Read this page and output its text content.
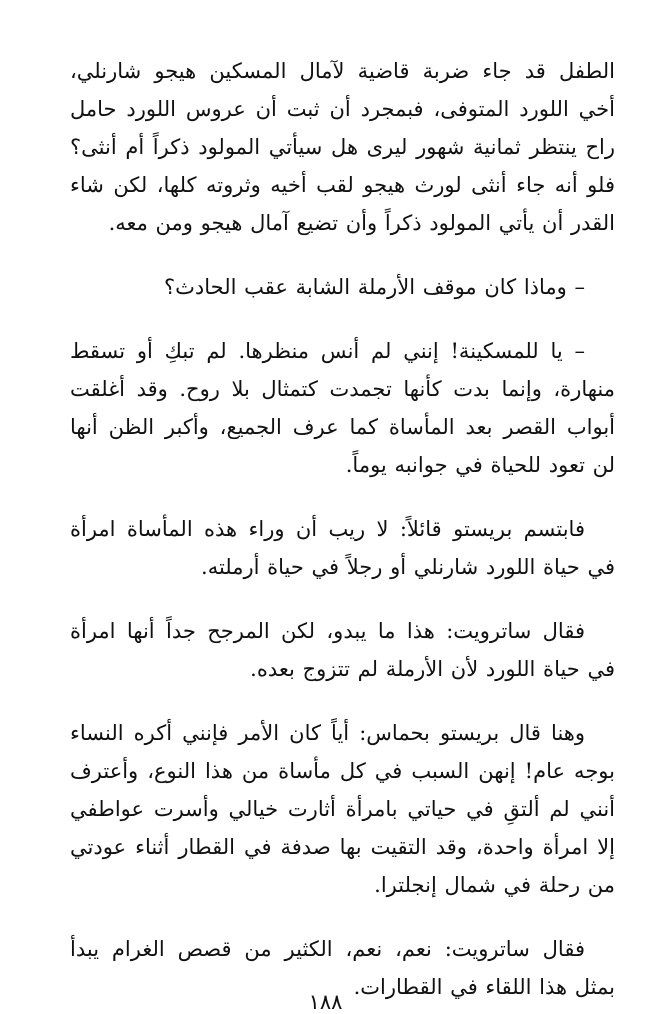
الطفل قد جاء ضربة قاضية لآمال المسكين هيجو شارنلي، أخي اللورد المتوفى، فبمجرد أن ثبت أن عروس اللورد حامل راح ينتظر ثمانية شهور ليرى هل سيأتي المولود ذكراً أم أنثى؟ فلو أنه جاء أنثى لورث هيجو لقب أخيه وثروته كلها، لكن شاء القدر أن يأتي المولود ذكراً وأن تضيع آمال هيجو ومن معه.

– وماذا كان موقف الأرملة الشابة عقب الحادث؟

– يا للمسكينة! إنني لم أنس منظرها. لم تبكِ أو تسقط منهارة، وإنما بدت كأنها تجمدت كتمثال بلا روح. وقد أغلقت أبواب القصر بعد المأساة كما عرف الجميع، وأكبر الظن أنها لن تعود للحياة في جوانبه يوماً.

فابتسم بريستو قائلاً: لا ريب أن وراء هذه المأساة امرأة في حياة اللورد شارنلي أو رجلاً في حياة أرملته.

فقال ساترويت: هذا ما يبدو، لكن المرجح جداً أنها امرأة في حياة اللورد لأن الأرملة لم تتزوج بعده.

وهنا قال بريستو بحماس: أياً كان الأمر فإنني أكره النساء بوجه عام! إنهن السبب في كل مأساة من هذا النوع، وأعترف أنني لم ألتقِ في حياتي بامرأة أثارت خيالي وأسرت عواطفي إلا امرأة واحدة، وقد التقيت بها صدفة في القطار أثناء عودتي من رحلة في شمال إنجلترا.

فقال ساترويت: نعم، نعم، الكثير من قصص الغرام يبدأ بمثل هذا اللقاء في القطارات.

١٨٨
